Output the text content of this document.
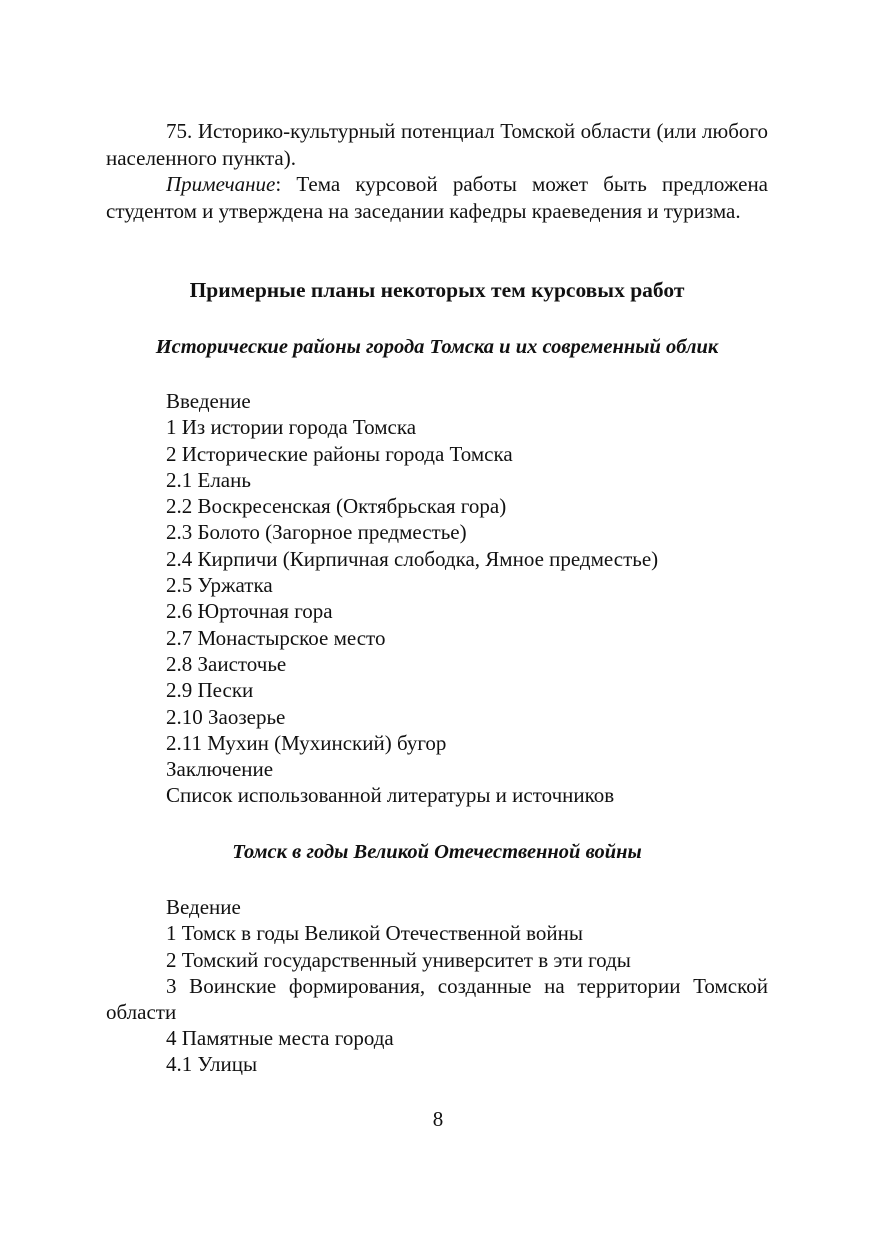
75. Историко-культурный потенциал Томской области (или любого населенного пункта).

Примечание: Тема курсовой работы может быть предложена студентом и утверждена на заседании кафедры краеведения и туризма.

Примерные планы некоторых тем курсовых работ
Исторические районы города Томска и их современный облик
Введение
1 Из истории города Томска
2 Исторические районы города Томска
2.1 Елань
2.2 Воскресенская (Октябрьская гора)
2.3 Болото (Загорное предместье)
2.4 Кирпичи (Кирпичная слободка, Ямное предместье)
2.5 Уржатка
2.6 Юрточная гора
2.7 Монастырское место
2.8 Заисточье
2.9 Пески
2.10 Заозерье
2.11 Мухин (Мухинский) бугор
Заключение
Список использованной литературы и источников
Томск в годы Великой Отечественной войны
Ведение
1 Томск в годы Великой Отечественной войны
2 Томский государственный университет в эти годы

3 Воинские формирования, созданные на территории Томской области

4 Памятные места города
4.1 Улицы

8
